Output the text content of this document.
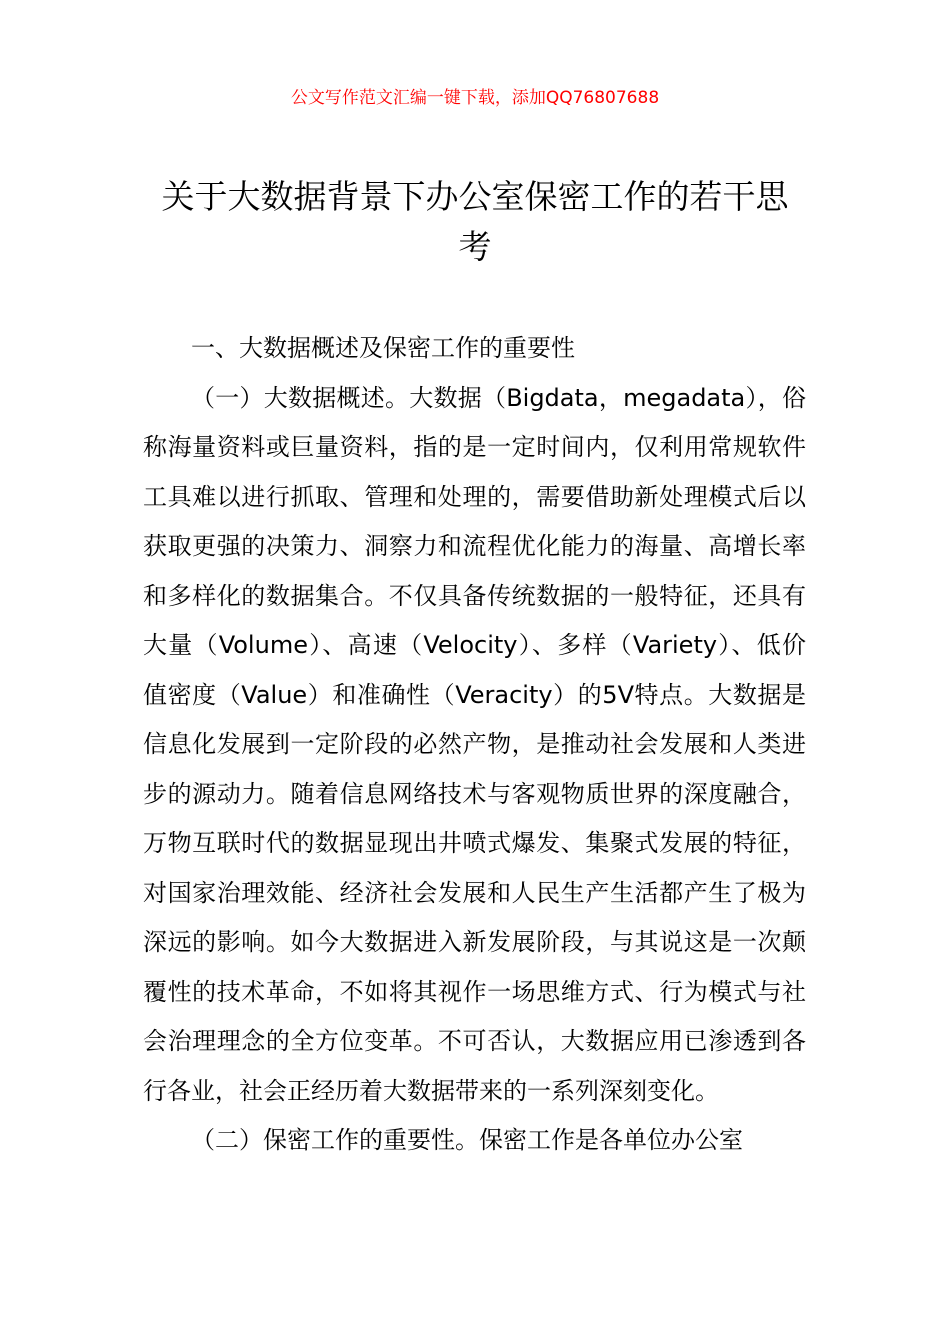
公文写作范文汇编一键下载，添加QQ76807688
关于大数据背景下办公室保密工作的若干思考

一、大数据概述及保密工作的重要性

（一）大数据概述。大数据（Bigdata，megadata），俗称海量资料或巨量资料，指的是一定时间内，仅利用常规软件工具难以进行抓取、管理和处理的，需要借助新处理模式后以获取更强的决策力、洞察力和流程优化能力的海量、高增长率和多样化的数据集合。不仅具备传统数据的一般特征，还具有大量（Volume）、高速（Velocity）、多样（Variety）、低价值密度（Value）和准确性（Veracity）的5V特点。大数据是信息化发展到一定阶段的必然产物，是推动社会发展和人类进步的源动力。随着信息网络技术与客观物质世界的深度融合，万物互联时代的数据显现出井喷式爆发、集聚式发展的特征，对国家治理效能、经济社会发展和人民生产生活都产生了极为深远的影响。如今大数据进入新发展阶段，与其说这是一次颠覆性的技术革命，不如将其视作一场思维方式、行为模式与社会治理理念的全方位变革。不可否认，大数据应用已渗透到各行各业，社会正经历着大数据带来的一系列深刻变化。

（二）保密工作的重要性。保密工作是各单位办公室
